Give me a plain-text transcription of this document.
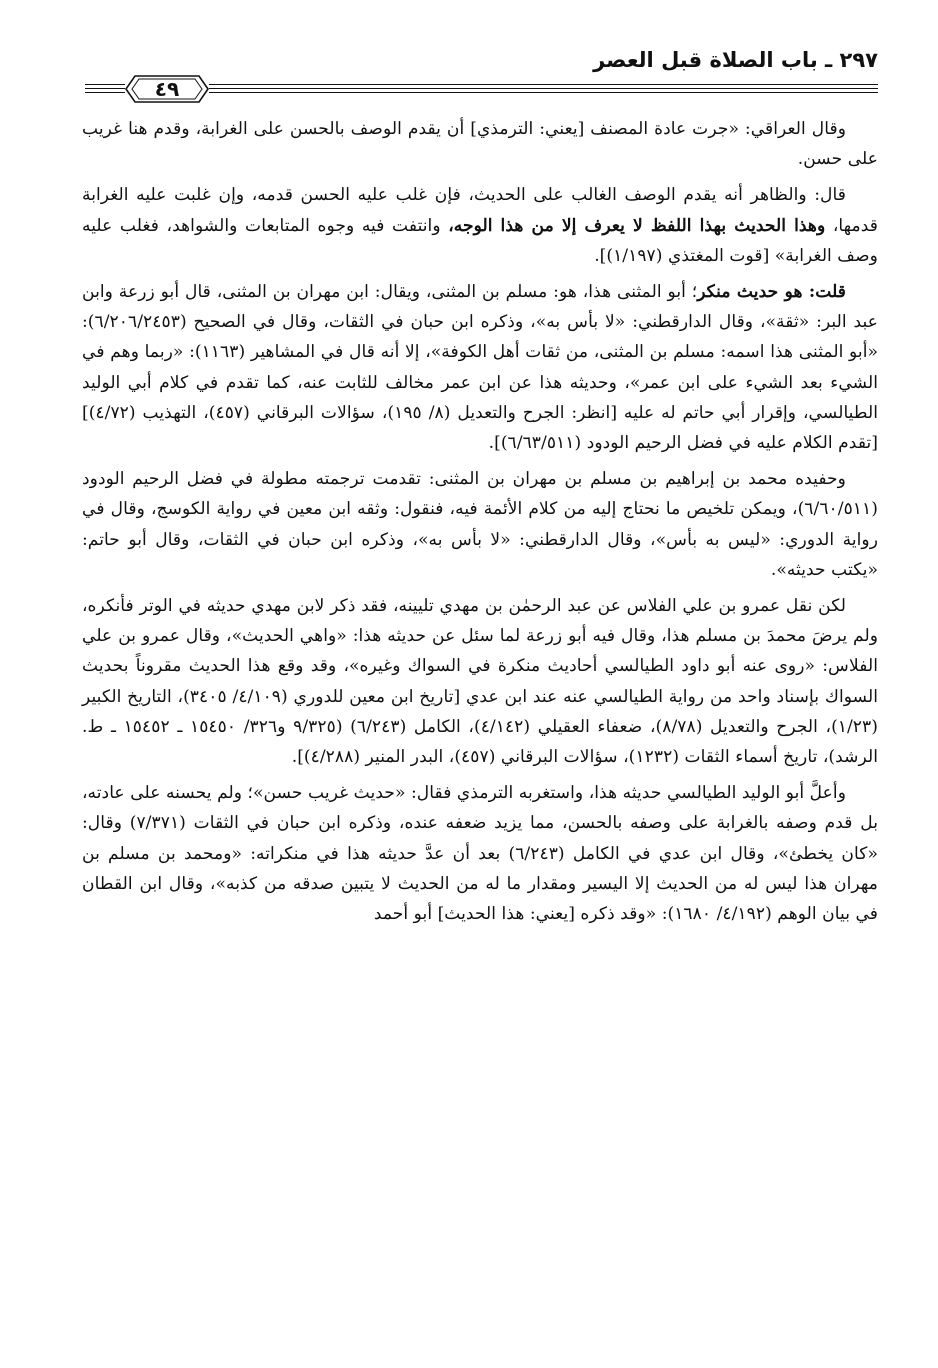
٢٩٧ ـ باب الصلاة قبل العصر
٤٩

وقال العراقي: «جرت عادة المصنف [يعني: الترمذي] أن يقدم الوصف بالحسن على الغرابة، وقدم هنا غريب على حسن.

قال: والظاهر أنه يقدم الوصف الغالب على الحديث، فإن غلب عليه الحسن قدمه، وإن غلبت عليه الغرابة قدمها، وهذا الحديث بهذا اللفظ لا يعرف إلا من هذا الوجه، وانتفت فيه وجوه المتابعات والشواهد، فغلب عليه وصف الغرابة» [قوت المغتذي (١/١٩٧)].

قلت: هو حديث منكر؛ أبو المثنى هذا، هو: مسلم بن المثنى، ويقال: ابن مهران بن المثنى، قال أبو زرعة وابن عبد البر: «ثقة»، وقال الدارقطني: «لا بأس به»، وذكره ابن حبان في الثقات، وقال في الصحيح (٦/٢٠٦/٢٤٥٣): «أبو المثنى هذا اسمه: مسلم بن المثنى، من ثقات أهل الكوفة»، إلا أنه قال في المشاهير (١١٦٣): «ربما وهم في الشيء بعد الشيء على ابن عمر»، وحديثه هذا عن ابن عمر مخالف للثابت عنه، كما تقدم في كلام أبي الوليد الطيالسي، وإقرار أبي حاتم له عليه [انظر: الجرح والتعديل (٨/ ١٩٥)، سؤالات البرقاني (٤٥٧)، التهذيب (٤/٧٢)] [تقدم الكلام عليه في فضل الرحيم الودود (٦/٦٣/٥١١)].

وحفيده محمد بن إبراهيم بن مسلم بن مهران بن المثنى: تقدمت ترجمته مطولة في فضل الرحيم الودود (٦/٦٠/٥١١)، ويمكن تلخيص ما نحتاج إليه من كلام الأئمة فيه، فنقول: وثقه ابن معين في رواية الكوسج، وقال في رواية الدوري: «ليس به بأس»، وقال الدارقطني: «لا بأس به»، وذكره ابن حبان في الثقات، وقال أبو حاتم: «يكتب حديثه».

لكن نقل عمرو بن علي الفلاس عن عبد الرحمٰن بن مهدي تليينه، فقد ذكر لابن مهدي حديثه في الوتر فأنكره، ولم يرضَ محمدَ بن مسلم هذا، وقال فيه أبو زرعة لما سئل عن حديثه هذا: «واهي الحديث»، وقال عمرو بن علي الفلاس: «روى عنه أبو داود الطيالسي أحاديث منكرة في السواك وغيره»، وقد وقع هذا الحديث مقروناً بحديث السواك بإسناد واحد من رواية الطيالسي عنه عند ابن عدي [تاريخ ابن معين للدوري (٤/١٠٩/ ٣٤٠٥)، التاريخ الكبير (١/٢٣)، الجرح والتعديل (٨/٧٨)، ضعفاء العقيلي (٤/١٤٢)، الكامل (٦/٢٤٣) (٩/٣٢٥ و٣٢٦/ ١٥٤٥٠ ـ ١٥٤٥٢ ـ ط. الرشد)، تاريخ أسماء الثقات (١٢٣٢)، سؤالات البرقاني (٤٥٧)، البدر المنير (٤/٢٨٨)].

وأعلَّ أبو الوليد الطيالسي حديثه هذا، واستغربه الترمذي فقال: «حديث غريب حسن»؛ ولم يحسنه على عادته، بل قدم وصفه بالغرابة على وصفه بالحسن، مما يزيد ضعفه عنده، وذكره ابن حبان في الثقات (٧/٣٧١) وقال: «كان يخطئ»، وقال ابن عدي في الكامل (٦/٢٤٣) بعد أن عدَّ حديثه هذا في منكراته: «ومحمد بن مسلم بن مهران هذا ليس له من الحديث إلا اليسير ومقدار ما له من الحديث لا يتبين صدقه من كذبه»، وقال ابن القطان في بيان الوهم (٤/١٩٢/ ١٦٨٠): «وقد ذكره [يعني: هذا الحديث] أبو أحمد
